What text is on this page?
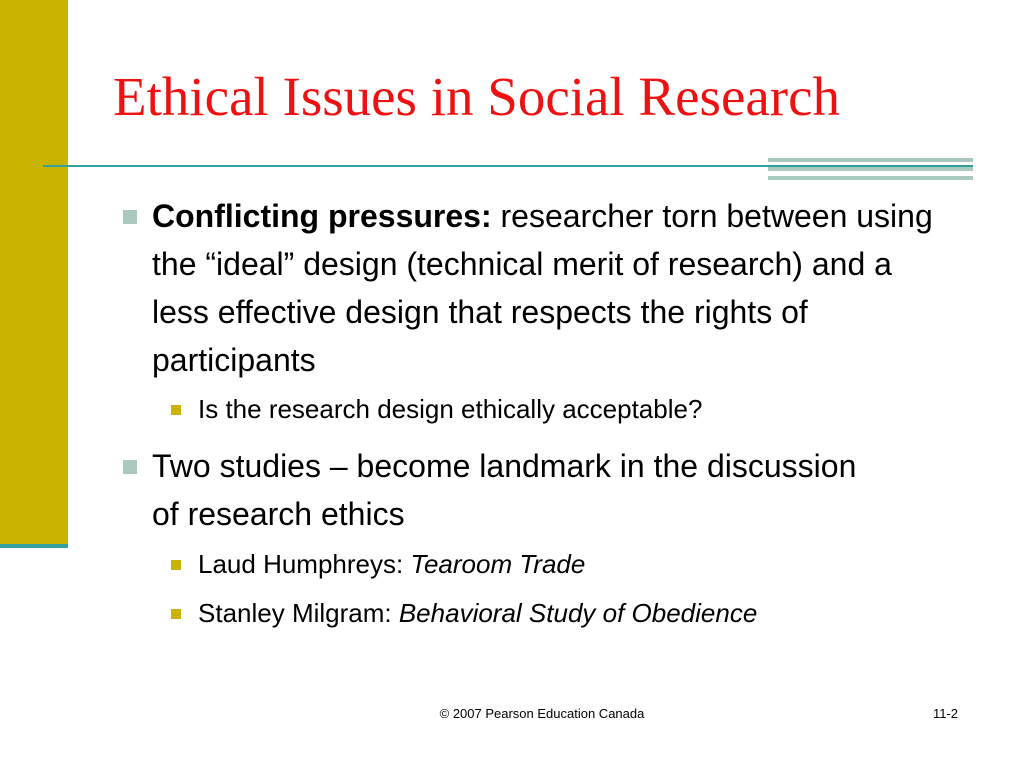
Ethical Issues in Social Research
Conflicting pressures: researcher torn between using the “ideal” design (technical merit of research) and a less effective design that respects the rights of participants
Is the research design ethically acceptable?
Two studies – become landmark in the discussion of research ethics
Laud Humphreys: Tearoom Trade
Stanley Milgram: Behavioral Study of Obedience
© 2007 Pearson Education Canada	11-2
